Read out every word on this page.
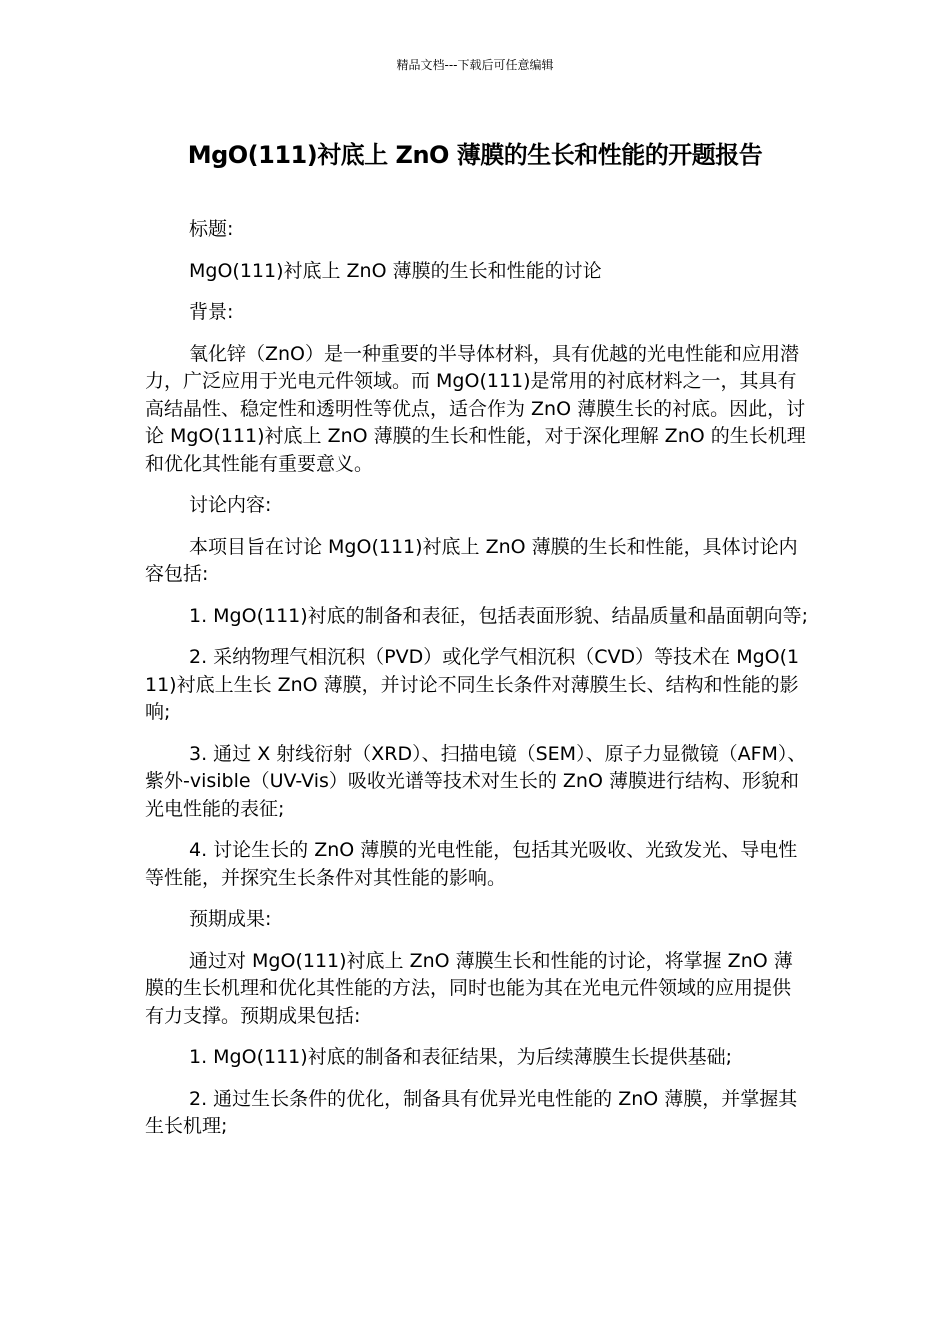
精品文档---下载后可任意编辑
MgO(111)衬底上 ZnO 薄膜的生长和性能的开题报告

标题:

MgO(111)衬底上 ZnO 薄膜的生长和性能的讨论

背景:

氧化锌（ZnO）是一种重要的半导体材料，具有优越的光电性能和应用潜力，广泛应用于光电元件领域。而 MgO(111)是常用的衬底材料之一，其具有高结晶性、稳定性和透明性等优点，适合作为 ZnO 薄膜生长的衬底。因此，讨论 MgO(111)衬底上 ZnO 薄膜的生长和性能，对于深化理解 ZnO 的生长机理和优化其性能有重要意义。

讨论内容:

本项目旨在讨论 MgO(111)衬底上 ZnO 薄膜的生长和性能，具体讨论内容包括:

1. MgO(111)衬底的制备和表征，包括表面形貌、结晶质量和晶面朝向等;

2. 采纳物理气相沉积（PVD）或化学气相沉积（CVD）等技术在 MgO(111)衬底上生长 ZnO 薄膜，并讨论不同生长条件对薄膜生长、结构和性能的影响;

3. 通过 X 射线衍射（XRD）、扫描电镜（SEM）、原子力显微镜（AFM）、紫外-visible（UV-Vis）吸收光谱等技术对生长的 ZnO 薄膜进行结构、形貌和光电性能的表征;

4. 讨论生长的 ZnO 薄膜的光电性能，包括其光吸收、光致发光、导电性等性能，并探究生长条件对其性能的影响。

预期成果:

通过对 MgO(111)衬底上 ZnO 薄膜生长和性能的讨论，将掌握 ZnO 薄膜的生长机理和优化其性能的方法，同时也能为其在光电元件领域的应用提供有力支撑。预期成果包括:

1. MgO(111)衬底的制备和表征结果，为后续薄膜生长提供基础;

2. 通过生长条件的优化，制备具有优异光电性能的 ZnO 薄膜，并掌握其生长机理;
